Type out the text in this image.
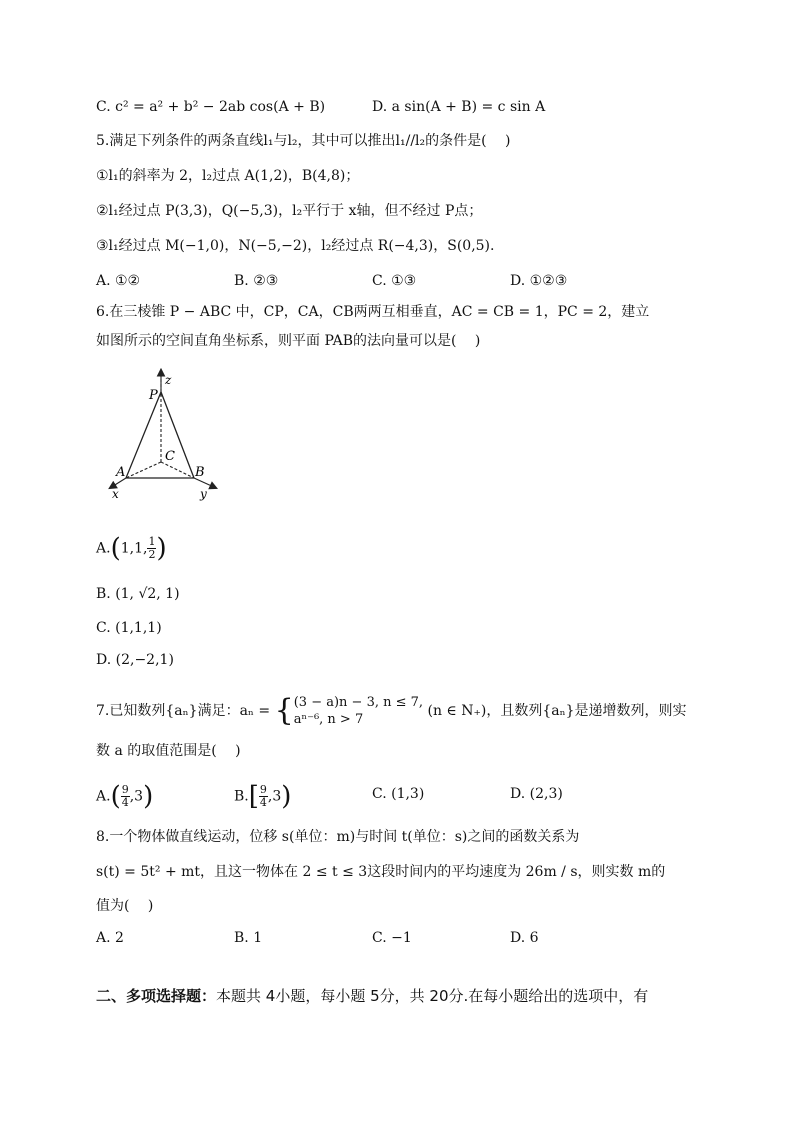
C. c² = a² + b² − 2ab cos(A + B)	D. a sin(A + B) = c sin A
5.满足下列条件的两条直线l₁与l₂，其中可以推出l₁//l₂的条件是(　 )
①l₁的斜率为 2，l₂过点 A(1,2)，B(4,8)；
②l₁经过点 P(3,3)，Q(−5,3)，l₂平行于 x轴，但不经过 P点；
③l₁经过点 M(−1,0)，N(−5,−2)，l₂经过点 R(−4,3)，S(0,5).
A. ①②	B. ②③	C. ①③	D. ①②③
6.在三棱锥 P − ABC 中，CP，CA，CB两两互相垂直，AC = CB = 1，PC = 2，建立
如图所示的空间直角坐标系，则平面 PAB的法向量可以是(　 )
z
P
C
A	B
x	y
A.(1,1, $\frac{1}{2}$ )
B. (1, √2, 1)
C. (1,1,1)
D. (2,−2,1)
7.已知数列{aₙ}满足：aₙ = { (3 − a)n − 3, n ≤ 7,
aⁿ⁻⁶, n > 7
(n ∈ N₊)，且数列{aₙ}是递增数列，则实
数 a 的取值范围是(　 )
$A.( \frac{9}{4} ,3)$	$B.[ \frac{9}{4} ,3)$	C. (1,3)	D. (2,3)
8.一个物体做直线运动，位移 s(单位：m)与时间 t(单位：s)之间的函数关系为
s(t) = 5t² + mt，且这一物体在 2 ≤ t ≤ 3这段时间内的平均速度为 26m / s，则实数 m的
值为(　 )
A. 2	B. 1	C. −1	D. 6
二、多项选择题：本题共 4小题，每小题 5分，共 20分.在每小题给出的选项中，有
